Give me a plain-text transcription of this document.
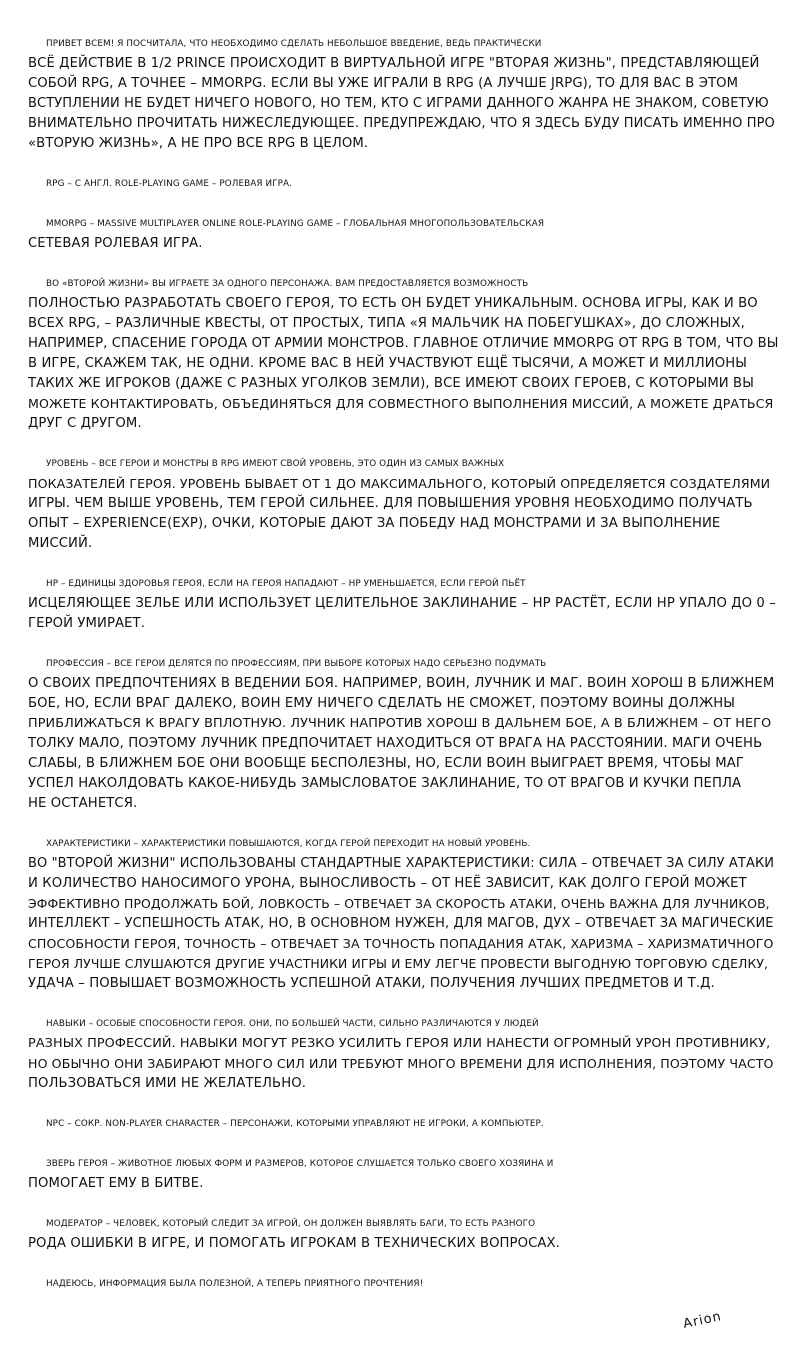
ПРИВЕТ ВСЕМ! Я ПОСЧИТАЛА, ЧТО НЕОБХОДИМО СДЕЛАТЬ НЕБОЛЬШОЕ ВВЕДЕНИЕ, ВЕДЬ ПРАКТИЧЕСКИ
ВСЁ ДЕЙСТВИЕ В 1/2 PRINCE ПРОИСХОДИТ В ВИРТУАЛЬНОЙ ИГРЕ "ВТОРАЯ ЖИЗНЬ", ПРЕДСТАВЛЯЮЩЕЙ
СОБОЙ RPG, А ТОЧНЕЕ – MMORPG. ЕСЛИ ВЫ УЖЕ ИГРАЛИ В RPG (А ЛУЧШЕ JRPG), ТО ДЛЯ ВАС В ЭТОМ
ВСТУПЛЕНИИ НЕ БУДЕТ НИЧЕГО НОВОГО, НО ТЕМ, КТО С ИГРАМИ ДАННОГО ЖАНРА НЕ ЗНАКОМ, СОВЕТУЮ
ВНИМАТЕЛЬНО ПРОЧИТАТЬ НИЖЕСЛЕДУЮЩЕЕ. ПРЕДУПРЕЖДАЮ, ЧТО Я ЗДЕСЬ БУДУ ПИСАТЬ ИМЕННО ПРО
«ВТОРУЮ ЖИЗНЬ», А НЕ ПРО ВСЕ RPG В ЦЕЛОМ.
RPG – С АНГЛ. ROLE-PLAYING GAME – РОЛЕВАЯ ИГРА.
MMORPG – MASSIVE MULTIPLAYER ONLINE ROLE-PLAYING GAME – ГЛОБАЛЬНАЯ МНОГОПОЛЬЗОВАТЕЛЬСКАЯ
СЕТЕВАЯ РОЛЕВАЯ ИГРА.
ВО «ВТОРОЙ ЖИЗНИ» ВЫ ИГРАЕТЕ ЗА ОДНОГО ПЕРСОНАЖА. ВАМ ПРЕДОСТАВЛЯЕТСЯ ВОЗМОЖНОСТЬ
ПОЛНОСТЬЮ РАЗРАБОТАТЬ СВОЕГО ГЕРОЯ, ТО ЕСТЬ ОН БУДЕТ УНИКАЛЬНЫМ. ОСНОВА ИГРЫ, КАК И ВО
ВСЕХ RPG, – РАЗЛИЧНЫЕ КВЕСТЫ, ОТ ПРОСТЫХ, ТИПА «Я МАЛЬЧИК НА ПОБЕГУШКАХ», ДО СЛОЖНЫХ,
НАПРИМЕР, СПАСЕНИЕ ГОРОДА ОТ АРМИИ МОНСТРОВ. ГЛАВНОЕ ОТЛИЧИЕ MMORPG ОТ RPG В ТОМ, ЧТО ВЫ
В ИГРЕ, СКАЖЕМ ТАК, НЕ ОДНИ. КРОМЕ ВАС В НЕЙ УЧАСТВУЮТ ЕЩЁ ТЫСЯЧИ, А МОЖЕТ И МИЛЛИОНЫ
ТАКИХ ЖЕ ИГРОКОВ (ДАЖЕ С РАЗНЫХ УГОЛКОВ ЗЕМЛИ), ВСЕ ИМЕЮТ СВОИХ ГЕРОЕВ, С КОТОРЫМИ ВЫ
МОЖЕТЕ КОНТАКТИРОВАТЬ, ОБЪЕДИНЯТЬСЯ ДЛЯ СОВМЕСТНОГО ВЫПОЛНЕНИЯ МИССИЙ, А МОЖЕТЕ ДРАТЬСЯ
ДРУГ С ДРУГОМ.
УРОВЕНЬ – ВСЕ ГЕРОИ И МОНСТРЫ В RPG ИМЕЮТ СВОЙ УРОВЕНЬ, ЭТО ОДИН ИЗ САМЫХ ВАЖНЫХ
ПОКАЗАТЕЛЕЙ ГЕРОЯ. УРОВЕНЬ БЫВАЕТ ОТ 1 ДО МАКСИМАЛЬНОГО, КОТОРЫЙ ОПРЕДЕЛЯЕТСЯ СОЗДАТЕЛЯМИ
ИГРЫ. ЧЕМ ВЫШЕ УРОВЕНЬ, ТЕМ ГЕРОЙ СИЛЬНЕЕ. ДЛЯ ПОВЫШЕНИЯ УРОВНЯ НЕОБХОДИМО ПОЛУЧАТЬ
ОПЫТ – EXPERIENCE(EXP), ОЧКИ, КОТОРЫЕ ДАЮТ ЗА ПОБЕДУ НАД МОНСТРАМИ И ЗА ВЫПОЛНЕНИЕ
МИССИЙ.
HP – ЕДИНИЦЫ ЗДОРОВЬЯ ГЕРОЯ, ЕСЛИ НА ГЕРОЯ НАПАДАЮТ – HP УМЕНЬШАЕТСЯ, ЕСЛИ ГЕРОЙ ПЬЁТ
ИСЦЕЛЯЮЩЕЕ ЗЕЛЬЕ ИЛИ ИСПОЛЬЗУЕТ ЦЕЛИТЕЛЬНОЕ ЗАКЛИНАНИЕ – HP РАСТЁТ, ЕСЛИ HP УПАЛО ДО 0 –
ГЕРОЙ УМИРАЕТ.
ПРОФЕССИЯ – ВСЕ ГЕРОИ ДЕЛЯТСЯ ПО ПРОФЕССИЯМ, ПРИ ВЫБОРЕ КОТОРЫХ НАДО СЕРЬЕЗНО ПОДУМАТЬ
О СВОИХ ПРЕДПОЧТЕНИЯХ В ВЕДЕНИИ БОЯ. НАПРИМЕР, ВОИН, ЛУЧНИК И МАГ. ВОИН ХОРОШ В БЛИЖНЕМ
БОЕ, НО, ЕСЛИ ВРАГ ДАЛЕКО, ВОИН ЕМУ НИЧЕГО СДЕЛАТЬ НЕ СМОЖЕТ, ПОЭТОМУ ВОИНЫ ДОЛЖНЫ
ПРИБЛИЖАТЬСЯ К ВРАГУ ВПЛОТНУЮ. ЛУЧНИК НАПРОТИВ ХОРОШ В ДАЛЬНЕМ БОЕ, А В БЛИЖНЕМ – ОТ НЕГО
ТОЛКУ МАЛО, ПОЭТОМУ ЛУЧНИК ПРЕДПОЧИТАЕТ НАХОДИТЬСЯ ОТ ВРАГА НА РАССТОЯНИИ. МАГИ ОЧЕНЬ
СЛАБЫ, В БЛИЖНЕМ БОЕ ОНИ ВООБЩЕ БЕСПОЛЕЗНЫ, НО, ЕСЛИ ВОИН ВЫИГРАЕТ ВРЕМЯ, ЧТОБЫ МАГ
УСПЕЛ НАКОЛДОВАТЬ КАКОЕ-НИБУДЬ ЗАМЫСЛОВАТОЕ ЗАКЛИНАНИЕ, ТО ОТ ВРАГОВ И КУЧКИ ПЕПЛА
НЕ ОСТАНЕТСЯ.
ХАРАКТЕРИСТИКИ – ХАРАКТЕРИСТИКИ ПОВЫШАЮТСЯ, КОГДА ГЕРОЙ ПЕРЕХОДИТ НА НОВЫЙ УРОВЕНЬ.
ВО "ВТОРОЙ ЖИЗНИ" ИСПОЛЬЗОВАНЫ СТАНДАРТНЫЕ ХАРАКТЕРИСТИКИ: СИЛА – ОТВЕЧАЕТ ЗА СИЛУ АТАКИ
И КОЛИЧЕСТВО НАНОСИМОГО УРОНА, ВЫНОСЛИВОСТЬ – ОТ НЕЁ ЗАВИСИТ, КАК ДОЛГО ГЕРОЙ МОЖЕТ
ЭФФЕКТИВНО ПРОДОЛЖАТЬ БОЙ, ЛОВКОСТЬ – ОТВЕЧАЕТ ЗА СКОРОСТЬ АТАКИ, ОЧЕНЬ ВАЖНА ДЛЯ ЛУЧНИКОВ,
ИНТЕЛЛЕКТ – УСПЕШНОСТЬ АТАК, НО, В ОСНОВНОМ НУЖЕН, ДЛЯ МАГОВ, ДУХ – ОТВЕЧАЕТ ЗА МАГИЧЕСКИЕ
СПОСОБНОСТИ ГЕРОЯ, ТОЧНОСТЬ – ОТВЕЧАЕТ ЗА ТОЧНОСТЬ ПОПАДАНИЯ АТАК, ХАРИЗМА – ХАРИЗМАТИЧНОГО
ГЕРОЯ ЛУЧШЕ СЛУШАЮТСЯ ДРУГИЕ УЧАСТНИКИ ИГРЫ И ЕМУ ЛЕГЧЕ ПРОВЕСТИ ВЫГОДНУЮ ТОРГОВУЮ СДЕЛКУ,
УДАЧА – ПОВЫШАЕТ ВОЗМОЖНОСТЬ УСПЕШНОЙ АТАКИ, ПОЛУЧЕНИЯ ЛУЧШИХ ПРЕДМЕТОВ И Т.Д.
НАВЫКИ – ОСОБЫЕ СПОСОБНОСТИ ГЕРОЯ. ОНИ, ПО БОЛЬШЕЙ ЧАСТИ, СИЛЬНО РАЗЛИЧАЮТСЯ У ЛЮДЕЙ
РАЗНЫХ ПРОФЕССИЙ. НАВЫКИ МОГУТ РЕЗКО УСИЛИТЬ ГЕРОЯ ИЛИ НАНЕСТИ ОГРОМНЫЙ УРОН ПРОТИВНИКУ,
НО ОБЫЧНО ОНИ ЗАБИРАЮТ МНОГО СИЛ ИЛИ ТРЕБУЮТ МНОГО ВРЕМЕНИ ДЛЯ ИСПОЛНЕНИЯ, ПОЭТОМУ ЧАСТО
ПОЛЬЗОВАТЬСЯ ИМИ НЕ ЖЕЛАТЕЛЬНО.
NPC – СОКР. NON-PLAYER CHARACTER – ПЕРСОНАЖИ, КОТОРЫМИ УПРАВЛЯЮТ НЕ ИГРОКИ, А КОМПЬЮТЕР.
ЗВЕРЬ ГЕРОЯ – ЖИВОТНОЕ ЛЮБЫХ ФОРМ И РАЗМЕРОВ, КОТОРОЕ СЛУШАЕТСЯ ТОЛЬКО СВОЕГО ХОЗЯИНА И
ПОМОГАЕТ ЕМУ В БИТВЕ.
МОДЕРАТОР – ЧЕЛОВЕК, КОТОРЫЙ СЛЕДИТ ЗА ИГРОЙ, ОН ДОЛЖЕН ВЫЯВЛЯТЬ БАГИ, ТО ЕСТЬ РАЗНОГО
РОДА ОШИБКИ В ИГРЕ, И ПОМОГАТЬ ИГРОКАМ В ТЕХНИЧЕСКИХ ВОПРОСАХ.
НАДЕЮСЬ, ИНФОРМАЦИЯ БЫЛА ПОЛЕЗНОЙ, А ТЕПЕРЬ ПРИЯТНОГО ПРОЧТЕНИЯ!
Arion
